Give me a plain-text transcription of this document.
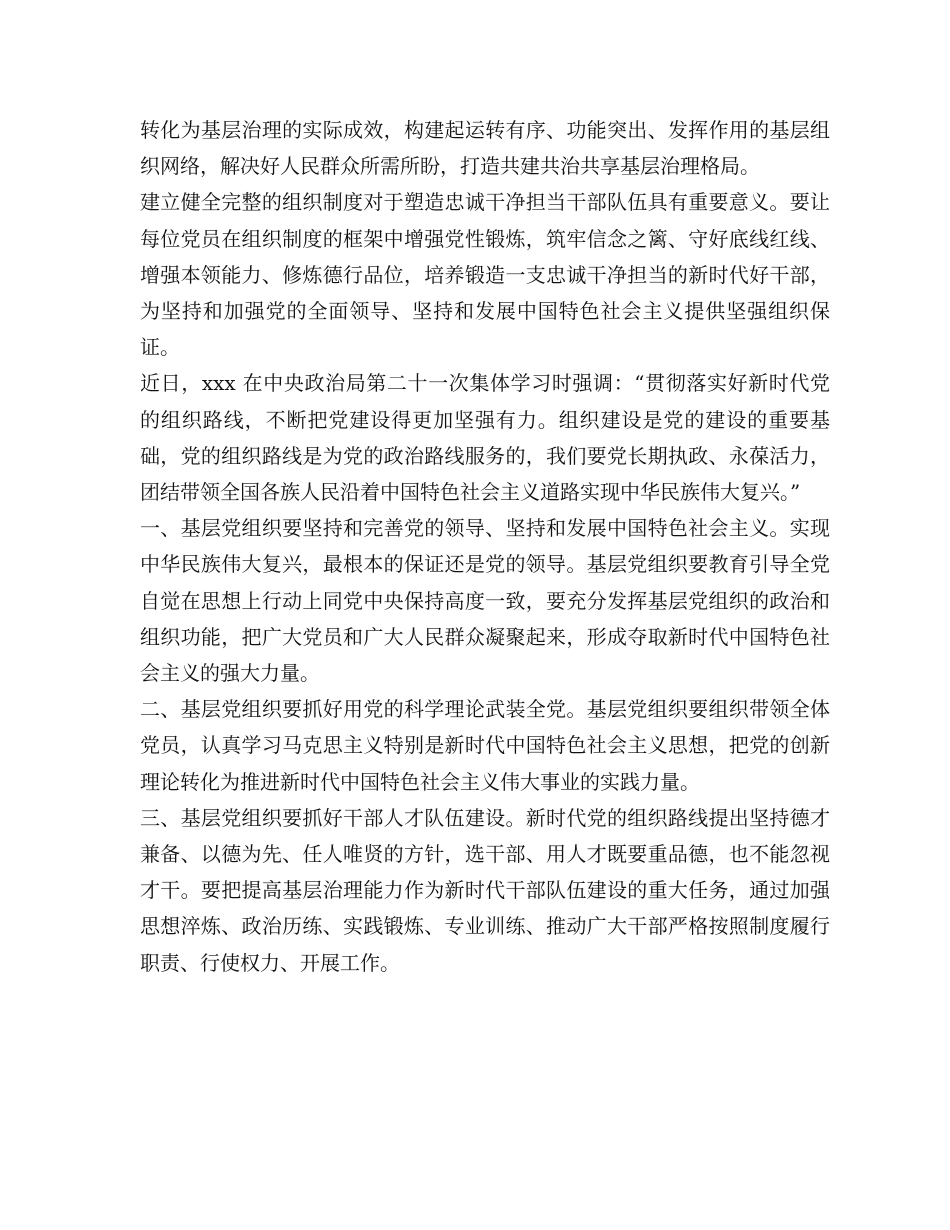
转化为基层治理的实际成效，构建起运转有序、功能突出、发挥作用的基层组织网络，解决好人民群众所需所盼，打造共建共治共享基层治理格局。

建立健全完整的组织制度对于塑造忠诚干净担当干部队伍具有重要意义。要让每位党员在组织制度的框架中增强党性锻炼，筑牢信念之篱、守好底线红线、增强本领能力、修炼德行品位，培养锻造一支忠诚干净担当的新时代好干部，为坚持和加强党的全面领导、坚持和发展中国特色社会主义提供坚强组织保证。

近日，xxx 在中央政治局第二十一次集体学习时强调：“贯彻落实好新时代党的组织路线，不断把党建设得更加坚强有力。组织建设是党的建设的重要基础，党的组织路线是为党的政治路线服务的，我们要党长期执政、永葆活力，团结带领全国各族人民沿着中国特色社会主义道路实现中华民族伟大复兴。”

一、基层党组织要坚持和完善党的领导、坚持和发展中国特色社会主义。实现中华民族伟大复兴，最根本的保证还是党的领导。基层党组织要教育引导全党自觉在思想上行动上同党中央保持高度一致，要充分发挥基层党组织的政治和组织功能，把广大党员和广大人民群众凝聚起来，形成夺取新时代中国特色社会主义的强大力量。

二、基层党组织要抓好用党的科学理论武装全党。基层党组织要组织带领全体党员，认真学习马克思主义特别是新时代中国特色社会主义思想，把党的创新理论转化为推进新时代中国特色社会主义伟大事业的实践力量。

三、基层党组织要抓好干部人才队伍建设。新时代党的组织路线提出坚持德才兼备、以德为先、任人唯贤的方针，选干部、用人才既要重品德，也不能忽视才干。要把提高基层治理能力作为新时代干部队伍建设的重大任务，通过加强思想淬炼、政治历练、实践锻炼、专业训练、推动广大干部严格按照制度履行职责、行使权力、开展工作。
